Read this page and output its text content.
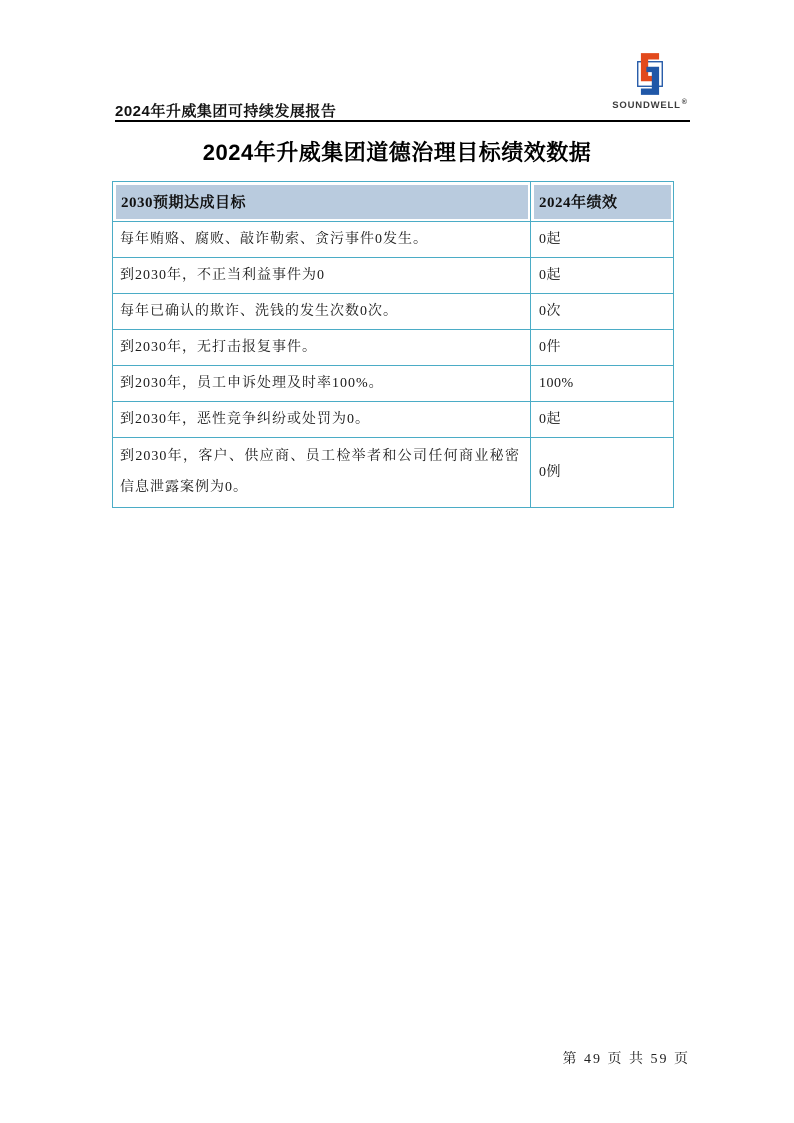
2024年升威集团可持续发展报告	SOUNDWELL®
2024年升威集团道德治理目标绩效数据
2030预期达成目标	2024年绩效

每年贿赂、腐败、敲诈勒索、贪污事件0发生。	0起
到2030年，不正当利益事件为0	0起
每年已确认的欺诈、洗钱的发生次数0次。	0次
到2030年，无打击报复事件。	0件
到2030年，员工申诉处理及时率100%。	100%
到2030年，恶性竞争纠纷或处罚为0。	0起
到2030年，客户、供应商、员工检举者和公司任何商业秘密信息泄露案例为0。	0例
第 49 页 共 59 页
